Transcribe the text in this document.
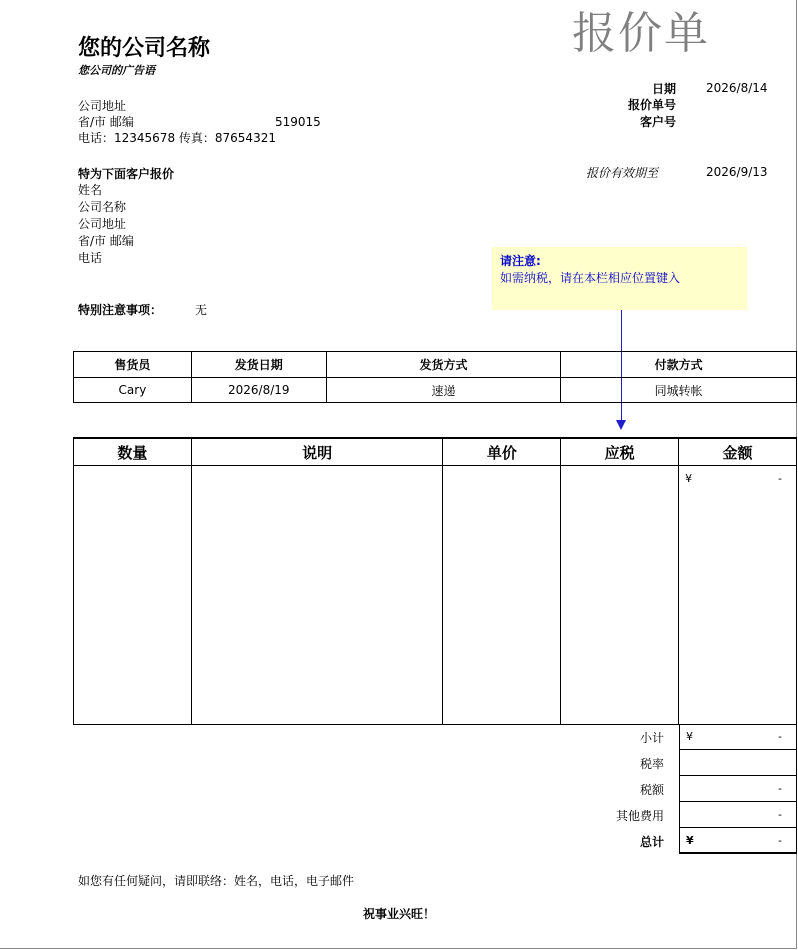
报价单
您的公司名称
您公司的广告语
公司地址
省/市 邮编	519015
电话：12345678 传真：87654321
日期	2026/8/14
报价单号
客户号
报价有效期至	2026/9/13
特为下面客户报价
姓名
公司名称
公司地址
省/市 邮编
电话	请注意:
如需纳税，请在本栏相应位置键入
特别注意事项：	无
售货员	发货日期	发货方式	付款方式
Cary	2026/8/19	速递	同城转帐
数量	说明	单价	应税	金额

				¥ -
小计	¥	-
税率
税额	-
其他费用	-
总计	¥	-
如您有任何疑问，请即联络：姓名，电话，电子邮件
祝事业兴旺！
